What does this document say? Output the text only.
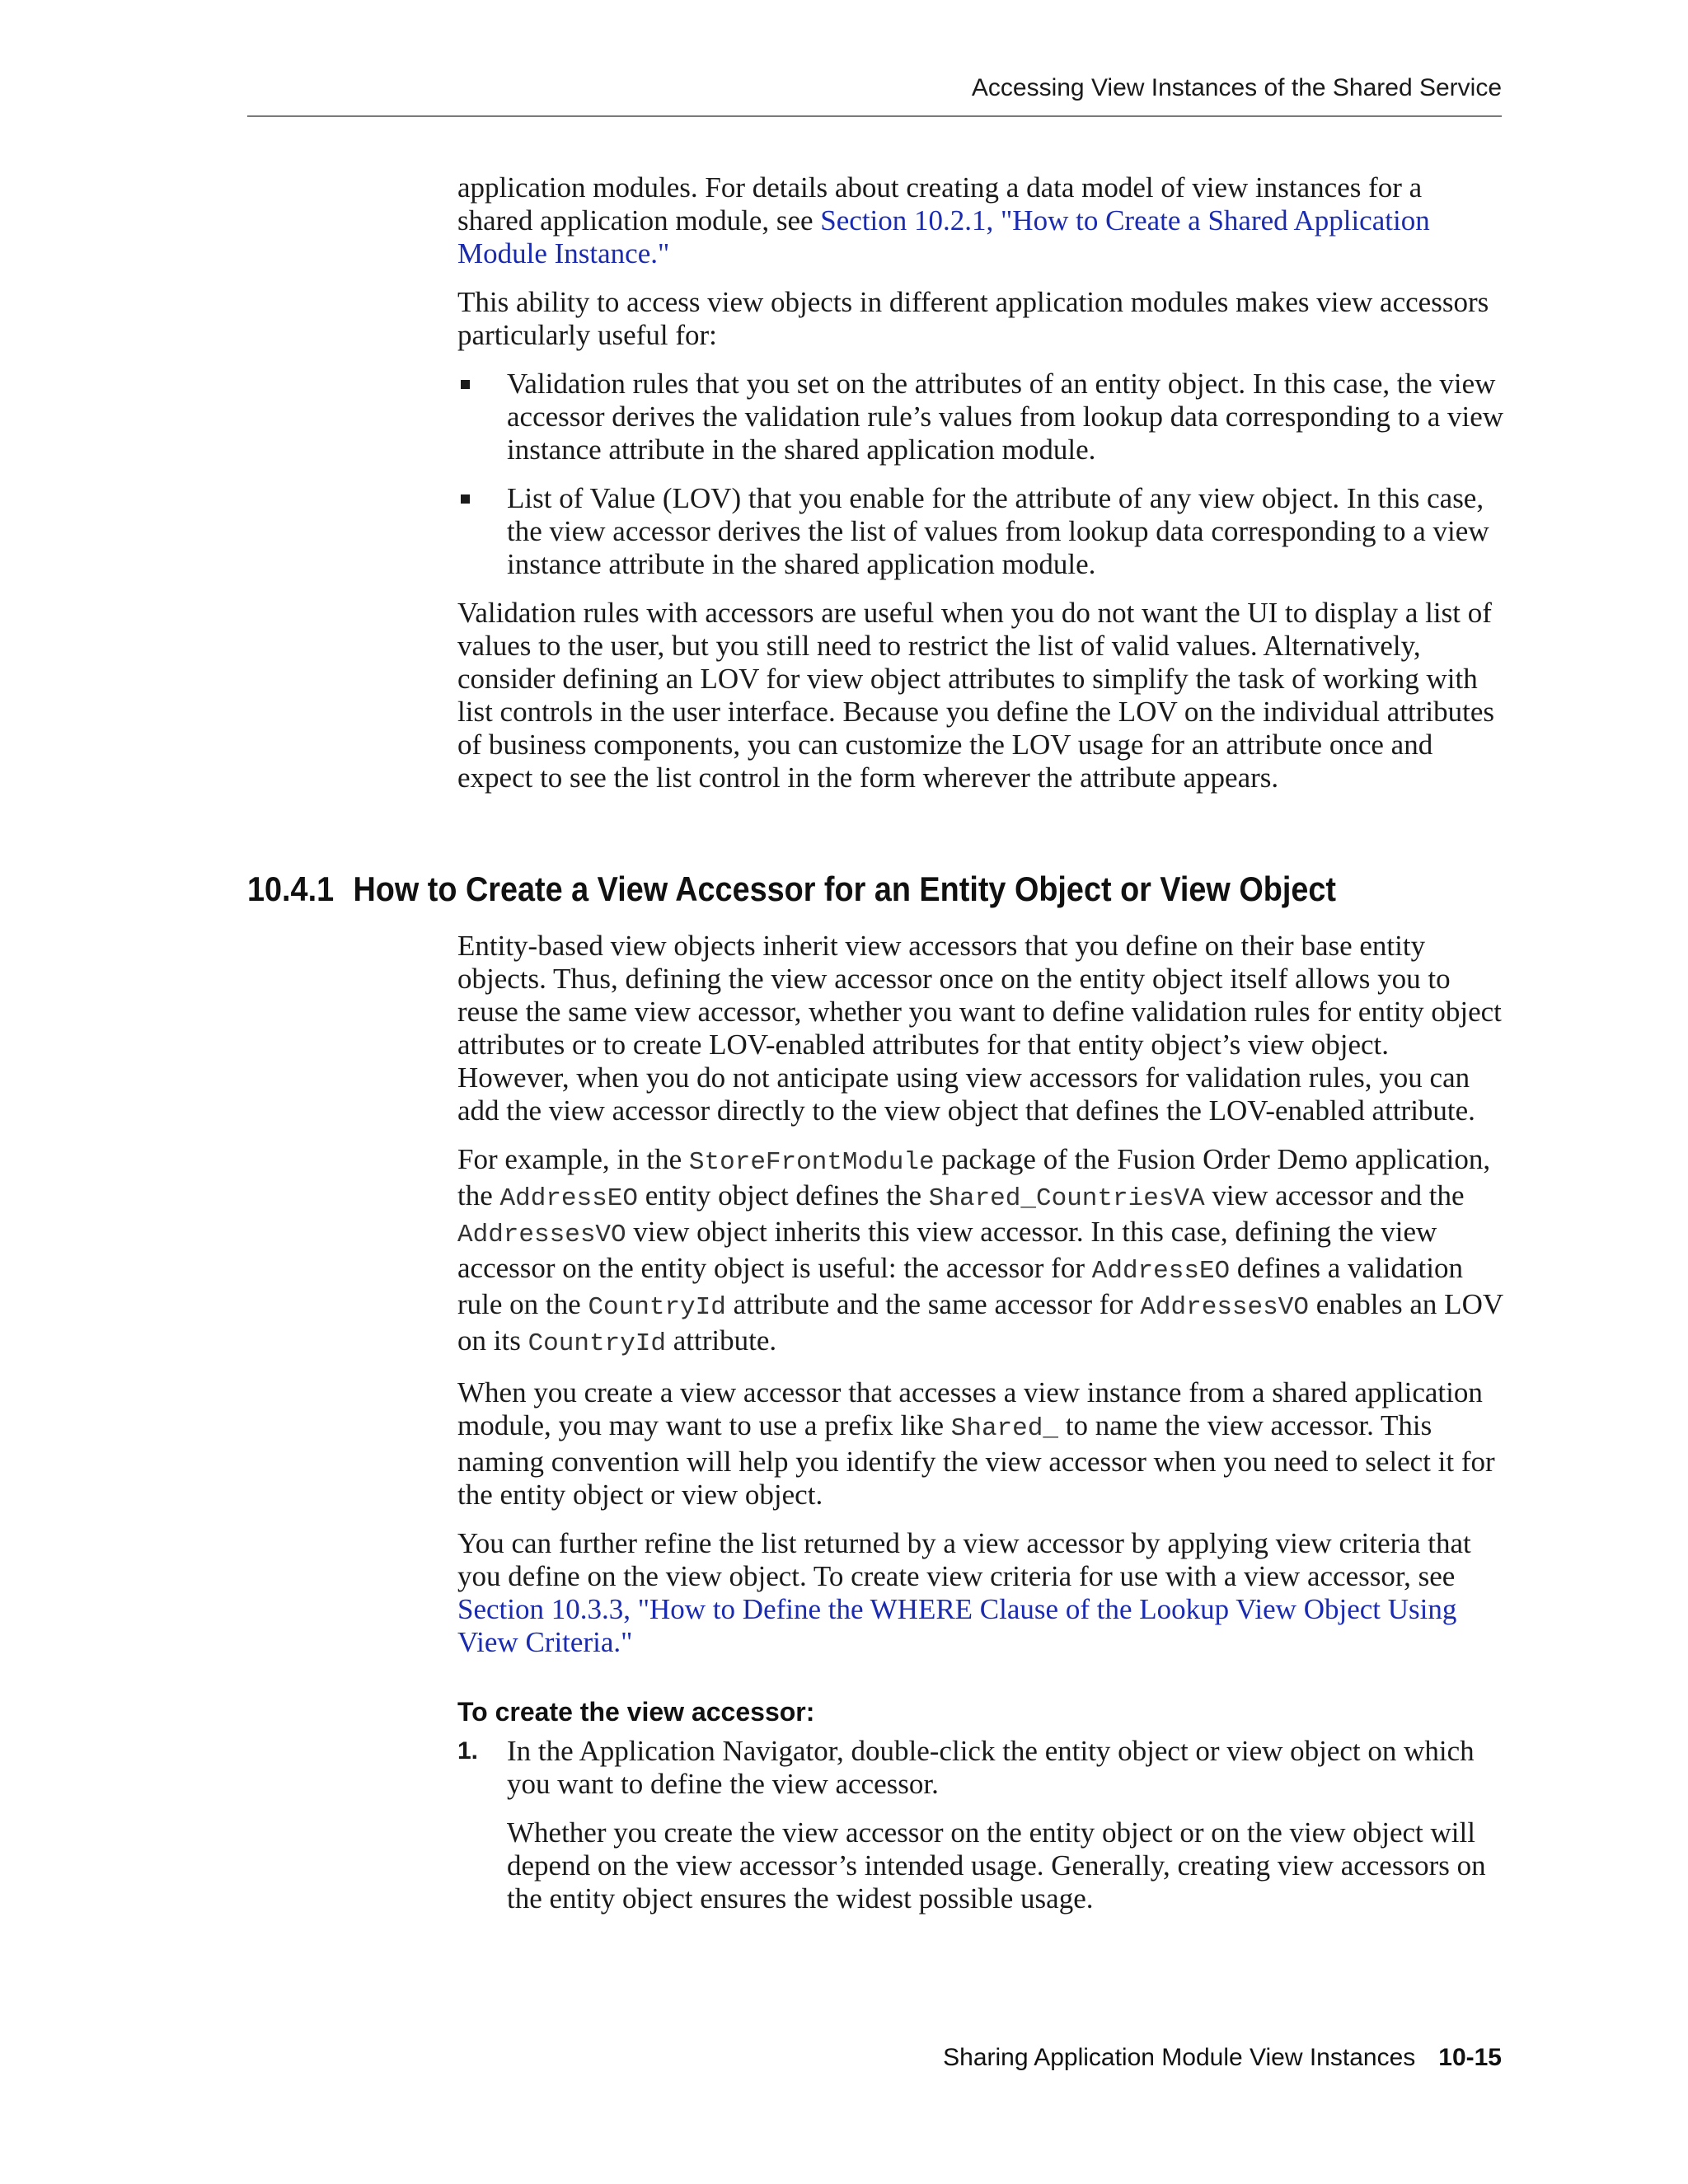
Accessing View Instances of the Shared Service

application modules. For details about creating a data model of view instances for a shared application module, see Section 10.2.1, "How to Create a Shared Application Module Instance."

This ability to access view objects in different application modules makes view accessors particularly useful for:

Validation rules that you set on the attributes of an entity object. In this case, the view accessor derives the validation rule’s values from lookup data corresponding to a view instance attribute in the shared application module.
List of Value (LOV) that you enable for the attribute of any view object. In this case, the view accessor derives the list of values from lookup data corresponding to a view instance attribute in the shared application module.

Validation rules with accessors are useful when you do not want the UI to display a list of values to the user, but you still need to restrict the list of valid values. Alternatively, consider defining an LOV for view object attributes to simplify the task of working with list controls in the user interface. Because you define the LOV on the individual attributes of business components, you can customize the LOV usage for an attribute once and expect to see the list control in the form wherever the attribute appears.

10.4.1 How to Create a View Accessor for an Entity Object or View Object

Entity-based view objects inherit view accessors that you define on their base entity objects. Thus, defining the view accessor once on the entity object itself allows you to reuse the same view accessor, whether you want to define validation rules for entity object attributes or to create LOV-enabled attributes for that entity object’s view object. However, when you do not anticipate using view accessors for validation rules, you can add the view accessor directly to the view object that defines the LOV-enabled attribute.

For example, in the StoreFrontModule package of the Fusion Order Demo application, the AddressEO entity object defines the Shared_CountriesVA view accessor and the AddressesVO view object inherits this view accessor. In this case, defining the view accessor on the entity object is useful: the accessor for AddressEO defines a validation rule on the CountryId attribute and the same accessor for AddressesVO enables an LOV on its CountryId attribute.

When you create a view accessor that accesses a view instance from a shared application module, you may want to use a prefix like Shared_ to name the view accessor. This naming convention will help you identify the view accessor when you need to select it for the entity object or view object.

You can further refine the list returned by a view accessor by applying view criteria that you define on the view object. To create view criteria for use with a view accessor, see Section 10.3.3, "How to Define the WHERE Clause of the Lookup View Object Using View Criteria."

To create the view accessor:
1. In the Application Navigator, double-click the entity object or view object on which you want to define the view accessor.

Whether you create the view accessor on the entity object or on the view object will depend on the view accessor’s intended usage. Generally, creating view accessors on the entity object ensures the widest possible usage.

Sharing Application Module View Instances 10-15
